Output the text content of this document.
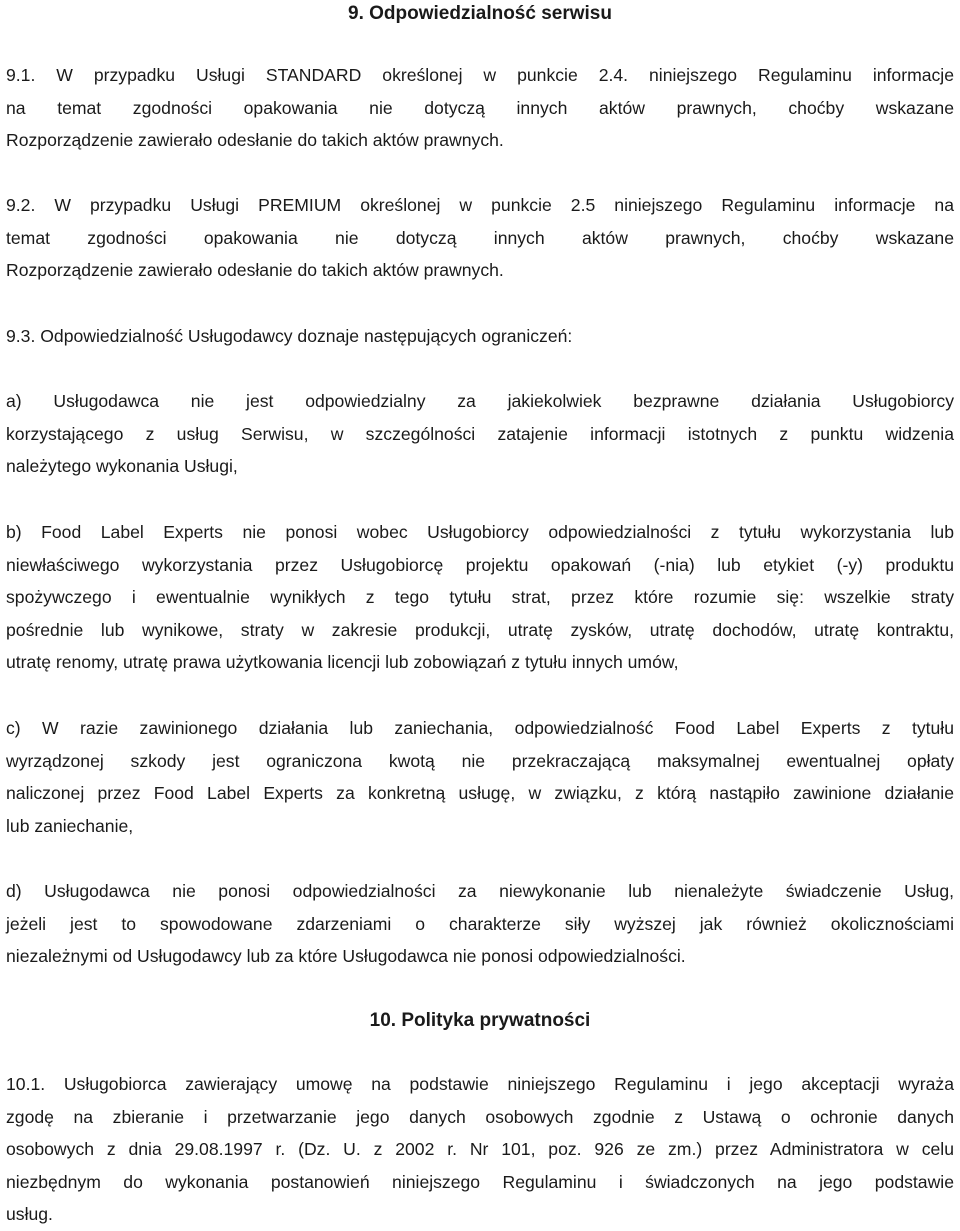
9. Odpowiedzialność serwisu
9.1. W przypadku Usługi STANDARD określonej w punkcie 2.4. niniejszego Regulaminu informacje
na temat zgodności opakowania nie dotyczą innych aktów prawnych, choćby wskazane
Rozporządzenie zawierało odesłanie do takich aktów prawnych.
9.2. W przypadku Usługi PREMIUM określonej w punkcie 2.5 niniejszego Regulaminu informacje na
temat zgodności opakowania nie dotyczą innych aktów prawnych, choćby wskazane
Rozporządzenie zawierało odesłanie do takich aktów prawnych.
9.3. Odpowiedzialność Usługodawcy doznaje następujących ograniczeń:
a) Usługodawca nie jest odpowiedzialny za jakiekolwiek bezprawne działania Usługobiorcy
korzystającego z usług Serwisu, w szczególności zatajenie informacji istotnych z punktu widzenia
należytego wykonania Usługi,
b) Food Label Experts nie ponosi wobec Usługobiorcy odpowiedzialności z tytułu wykorzystania lub
niewłaściwego wykorzystania przez Usługobiorcę projektu opakowań (-nia) lub etykiet (-y) produktu
spożywczego i ewentualnie wynikłych z tego tytułu strat, przez które rozumie się: wszelkie straty
pośrednie lub wynikowe, straty w zakresie produkcji, utratę zysków, utratę dochodów, utratę kontraktu,
utratę renomy, utratę prawa użytkowania licencji lub zobowiązań z tytułu innych umów,
c) W razie zawinionego działania lub zaniechania, odpowiedzialność Food Label Experts z tytułu
wyrządzonej szkody jest ograniczona kwotą nie przekraczającą maksymalnej ewentualnej opłaty
naliczonej przez Food Label Experts za konkretną usługę, w związku, z którą nastąpiło zawinione działanie
lub zaniechanie,
d) Usługodawca nie ponosi odpowiedzialności za niewykonanie lub nienależyte świadczenie Usług,
jeżeli jest to spowodowane zdarzeniami o charakterze siły wyższej jak również okolicznościami
niezależnymi od Usługodawcy lub za które Usługodawca nie ponosi odpowiedzialności.
10. Polityka prywatności
10.1. Usługobiorca zawierający umowę na podstawie niniejszego Regulaminu i jego akceptacji wyraża
zgodę na zbieranie i przetwarzanie jego danych osobowych zgodnie z Ustawą o ochronie danych
osobowych z dnia 29.08.1997 r. (Dz. U. z 2002 r. Nr 101, poz. 926 ze zm.) przez Administratora w celu
niezbędnym do wykonania postanowień niniejszego Regulaminu i świadczonych na jego podstawie
usług.
